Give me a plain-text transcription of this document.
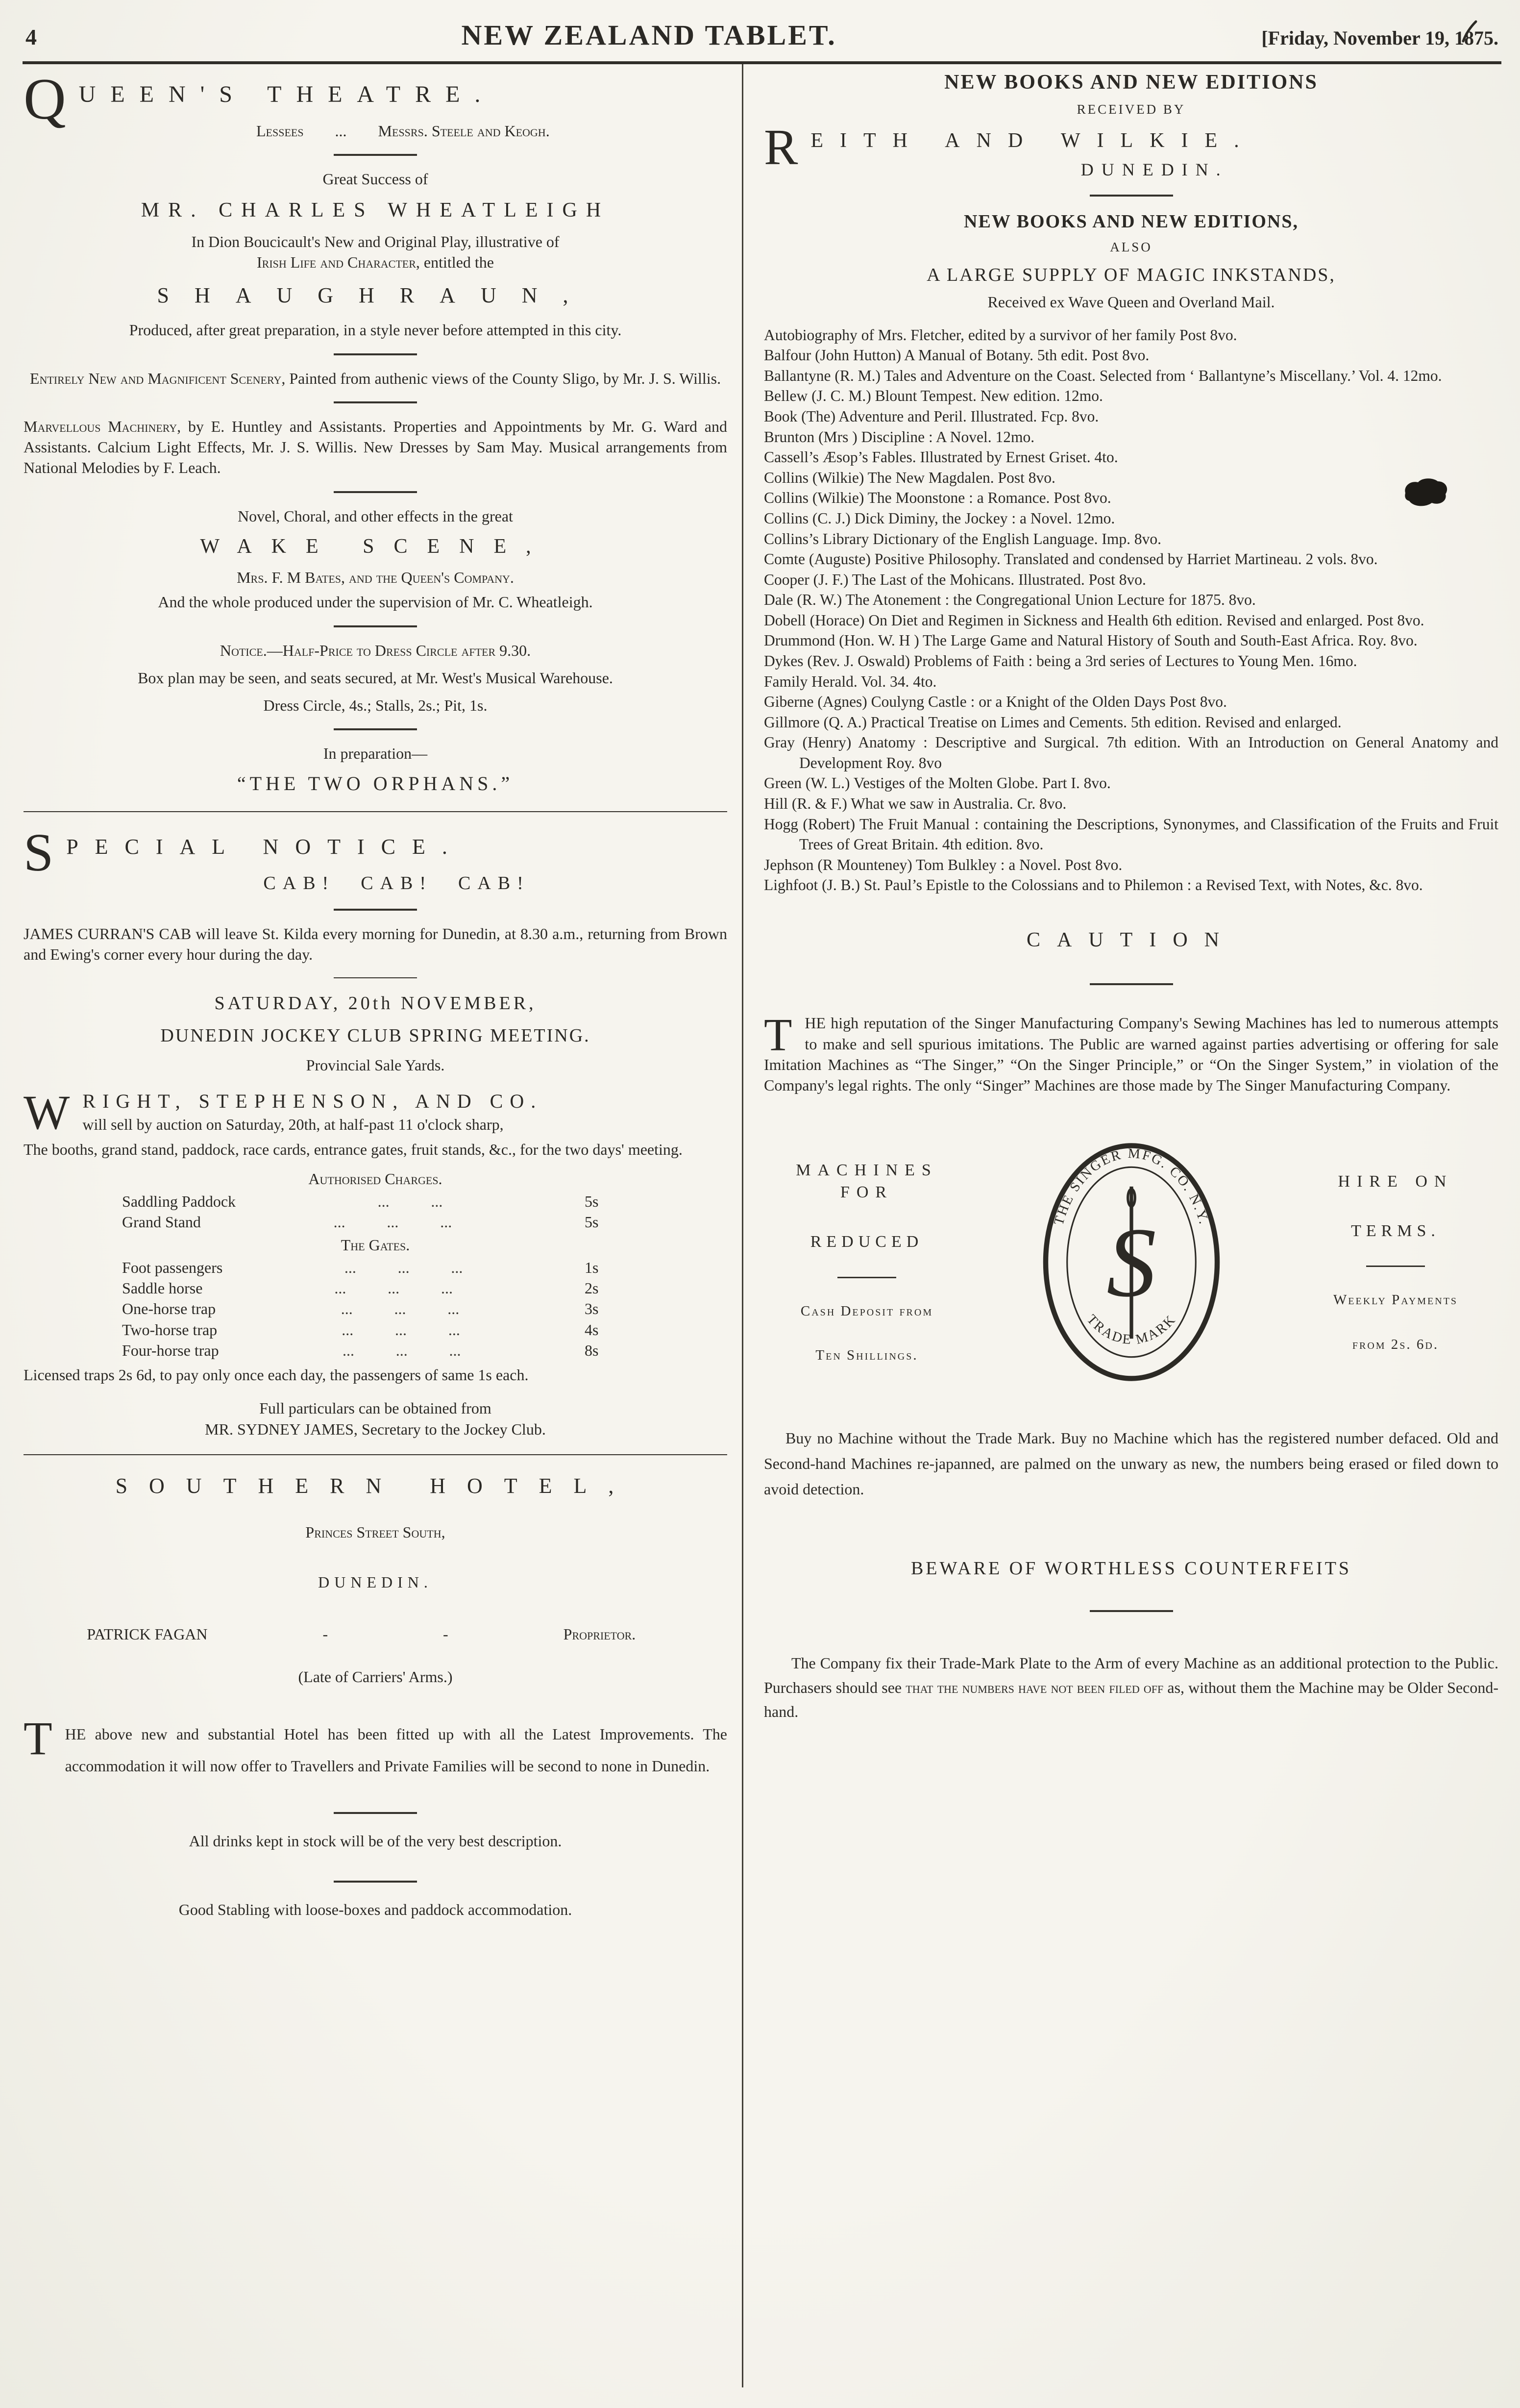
4	NEW ZEALAND TABLET.	[Friday, November 19, 1875.
Q UEEN'S THEATRE.
Lessees  ...  Messrs. Steele and Keogh.

Great Success of

MR. CHARLES WHEATLEIGH

In Dion Boucicault's New and Original Play, illustrative of
Irish Life and Character, entitled the

SHAUGHRAUN,

Produced, after great preparation, in a style never before attempted in this city.

Entirely New and Magnificent Scenery, Painted from authenic views of the County Sligo, by Mr. J. S. Willis.

Marvellous Machinery, by E. Huntley and Assistants. Properties and Appointments by Mr. G. Ward and Assistants. Calcium Light Effects, Mr. J. S. Willis. New Dresses by Sam May. Musical arrangements from National Melodies by F. Leach.

Novel, Choral, and other effects in the great

WAKE SCENE,

Mrs. F. M Bates, and the Queen's Company.

And the whole produced under the supervision of Mr. C. Wheatleigh.

Notice.—Half-Price to Dress Circle after 9.30.

Box plan may be seen, and seats secured, at Mr. West's Musical Warehouse.

Dress Circle, 4s.; Stalls, 2s.; Pit, 1s.

In preparation—

“THE TWO ORPHANS.”

S PECIAL NOTICE.
CAB! CAB! CAB!

JAMES CURRAN'S CAB will leave St. Kilda every morning for Dunedin, at 8.30 a.m., returning from Brown and Ewing's corner every hour during the day.

SATURDAY, 20th NOVEMBER,

DUNEDIN JOCKEY CLUB SPRING MEETING.

Provincial Sale Yards.

W RIGHT, STEPHENSON, AND CO.
will sell by auction on Saturday, 20th, at half-past 11 o'clock sharp,

The booths, grand stand, paddock, race cards, entrance gates, fruit stands, &c., for the two days' meeting.

Authorised Charges.

Saddling Paddock	... ...	5s
Grand Stand	... ... ...	5s

The Gates.

Foot passengers	... ... ...	1s
Saddle horse	... ... ...	2s
One-horse trap	... ... ...	3s
Two-horse trap	... ... ...	4s
Four-horse trap	... ... ...	8s

Licensed traps 2s 6d, to pay only once each day, the passengers of same 1s each.

Full particulars can be obtained from

MR. SYDNEY JAMES, Secretary to the Jockey Club.

SOUTHERN HOTEL,

Princes Street South,

DUNEDIN.

PATRICK FAGAN	-	-	Proprietor.

(Late of Carriers' Arms.)

THE above new and substantial Hotel has been fitted up with all the Latest Improvements. The accommodation it will now offer to Travellers and Private Families will be second to none in Dunedin.

All drinks kept in stock will be of the very best description.

Good Stabling with loose-boxes and paddock accommodation.

NEW BOOKS AND NEW EDITIONS

RECEIVED BY

R EITH AND WILKIE.
DUNEDIN.

NEW BOOKS AND NEW EDITIONS,

ALSO

A LARGE SUPPLY OF MAGIC INKSTANDS,

Received ex Wave Queen and Overland Mail.

Autobiography of Mrs. Fletcher, edited by a survivor of her family Post 8vo.

Balfour (John Hutton) A Manual of Botany. 5th edit. Post 8vo.

Ballantyne (R. M.) Tales and Adventure on the Coast. Selected from ‘ Ballantyne’s Miscellany.’ Vol. 4. 12mo.

Bellew (J. C. M.) Blount Tempest. New edition. 12mo.

Book (The) Adventure and Peril. Illustrated. Fcp. 8vo.

Brunton (Mrs ) Discipline : A Novel. 12mo.

Cassell’s Æsop’s Fables. Illustrated by Ernest Griset. 4to.

Collins (Wilkie) The New Magdalen. Post 8vo.

Collins (Wilkie) The Moonstone : a Romance. Post 8vo.

Collins (C. J.) Dick Diminy, the Jockey : a Novel. 12mo.

Collins’s Library Dictionary of the English Language. Imp. 8vo.

Comte (Auguste) Positive Philosophy. Translated and condensed by Harriet Martineau. 2 vols. 8vo.

Cooper (J. F.) The Last of the Mohicans. Illustrated. Post 8vo.

Dale (R. W.) The Atonement : the Congregational Union Lecture for 1875. 8vo.

Dobell (Horace) On Diet and Regimen in Sickness and Health 6th edition. Revised and enlarged. Post 8vo.

Drummond (Hon. W. H ) The Large Game and Natural History of South and South-East Africa. Roy. 8vo.

Dykes (Rev. J. Oswald) Problems of Faith : being a 3rd series of Lectures to Young Men. 16mo.

Family Herald. Vol. 34. 4to.

Giberne (Agnes) Coulyng Castle : or a Knight of the Olden Days Post 8vo.

Gillmore (Q. A.) Practical Treatise on Limes and Cements. 5th edition. Revised and enlarged.

Gray (Henry) Anatomy : Descriptive and Surgical. 7th edition. With an Introduction on General Anatomy and Development Roy. 8vo

Green (W. L.) Vestiges of the Molten Globe. Part I. 8vo.

Hill (R. & F.) What we saw in Australia. Cr. 8vo.

Hogg (Robert) The Fruit Manual : containing the Descriptions, Synonymes, and Classification of the Fruits and Fruit Trees of Great Britain. 4th edition. 8vo.

Jephson (R Mounteney) Tom Bulkley : a Novel. Post 8vo.

Lighfoot (J. B.) St. Paul’s Epistle to the Colossians and to Philemon : a Revised Text, with Notes, &c. 8vo.

CAUTION

THE high reputation of the Singer Manufacturing Company's Sewing Machines has led to numerous attempts to make and sell spurious imitations. The Public are warned against parties advertising or offering for sale Imitation Machines as “The Singer,” “On the Singer Principle,” or “On the Singer System,” in violation of the Company's legal rights. The only “Singer” Machines are those made by The Singer Manufacturing Company.

MACHINES FOR
REDUCED
Cash Deposit from
Ten Shillings.
THE SINGER MFG. CO. N.Y.
TRADE MARK
S
HIRE ON
TERMS.
Weekly Payments
from 2s. 6d.

Buy no Machine without the Trade Mark. Buy no Machine which has the registered number defaced. Old and Second-hand Machines re-japanned, are palmed on the unwary as new, the numbers being erased or filed down to avoid detection.

BEWARE OF WORTHLESS COUNTERFEITS

The Company fix their Trade-Mark Plate to the Arm of every Machine as an additional protection to the Public. Purchasers should see that the numbers have not been filed off as, without them the Machine may be Older Second-hand.
